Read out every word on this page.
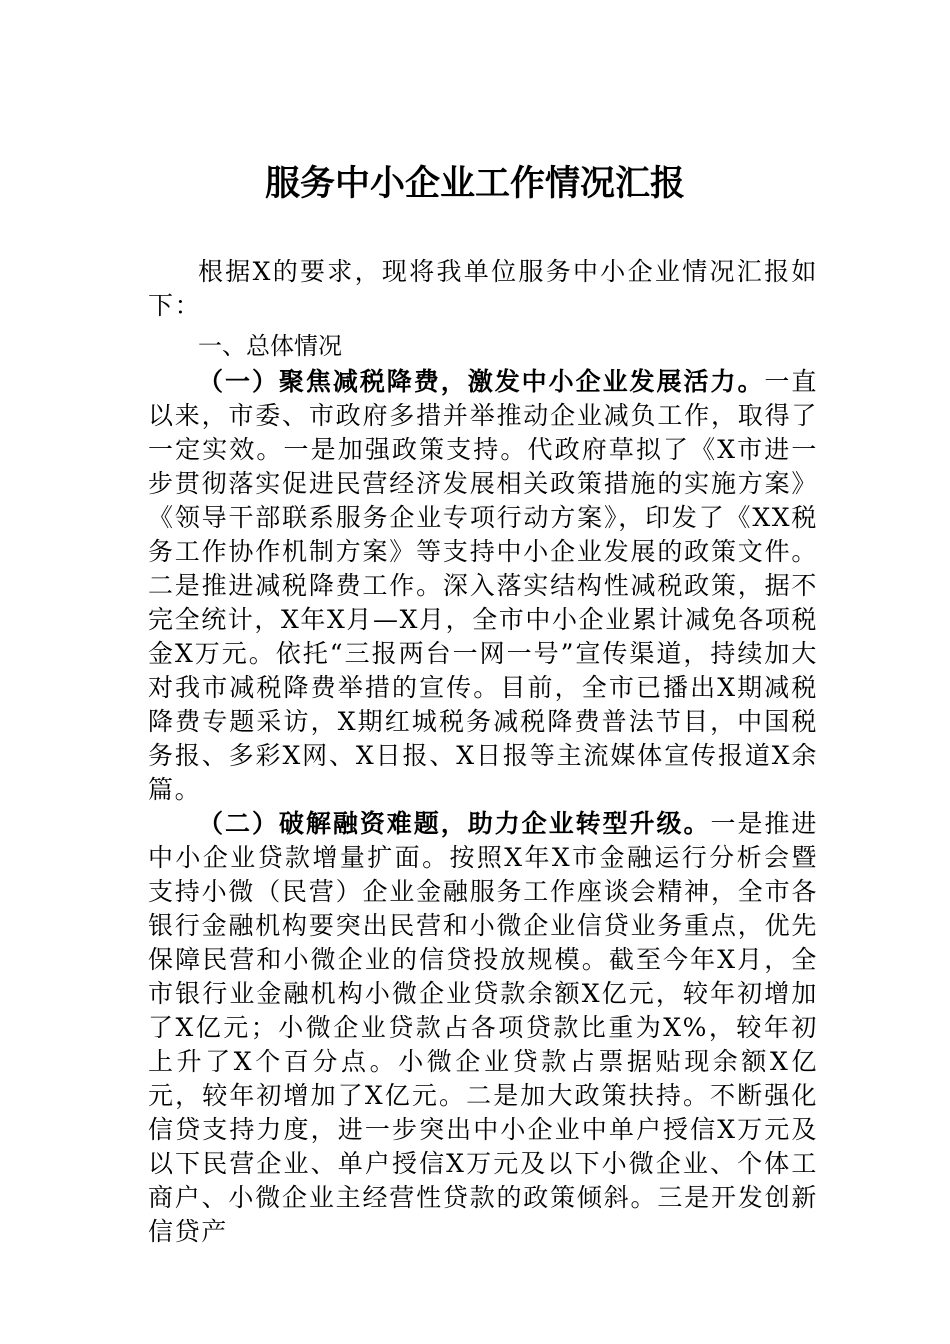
服务中小企业工作情况汇报

根据X的要求，现将我单位服务中小企业情况汇报如下：

一、总体情况

（一）聚焦减税降费，激发中小企业发展活力。一直以来，市委、市政府多措并举推动企业减负工作，取得了一定实效。一是加强政策支持。代政府草拟了《X市进一步贯彻落实促进民营经济发展相关政策措施的实施方案》《领导干部联系服务企业专项行动方案》，印发了《XX税务工作协作机制方案》等支持中小企业发展的政策文件。二是推进减税降费工作。深入落实结构性减税政策，据不完全统计，X年X月—X月，全市中小企业累计减免各项税金X万元。依托“三报两台一网一号”宣传渠道，持续加大对我市减税降费举措的宣传。目前，全市已播出X期减税降费专题采访，X期红城税务减税降费普法节目，中国税务报、多彩X网、X日报、X日报等主流媒体宣传报道X余篇。

（二）破解融资难题，助力企业转型升级。一是推进中小企业贷款增量扩面。按照X年X市金融运行分析会暨支持小微（民营）企业金融服务工作座谈会精神，全市各银行金融机构要突出民营和小微企业信贷业务重点，优先保障民营和小微企业的信贷投放规模。截至今年X月，全市银行业金融机构小微企业贷款余额X亿元，较年初增加了X亿元；小微企业贷款占各项贷款比重为X%，较年初上升了X个百分点。小微企业贷款占票据贴现余额X亿元，较年初增加了X亿元。二是加大政策扶持。不断强化信贷支持力度，进一步突出中小企业中单户授信X万元及以下民营企业、单户授信X万元及以下小微企业、个体工商户、小微企业主经营性贷款的政策倾斜。三是开发创新信贷产
